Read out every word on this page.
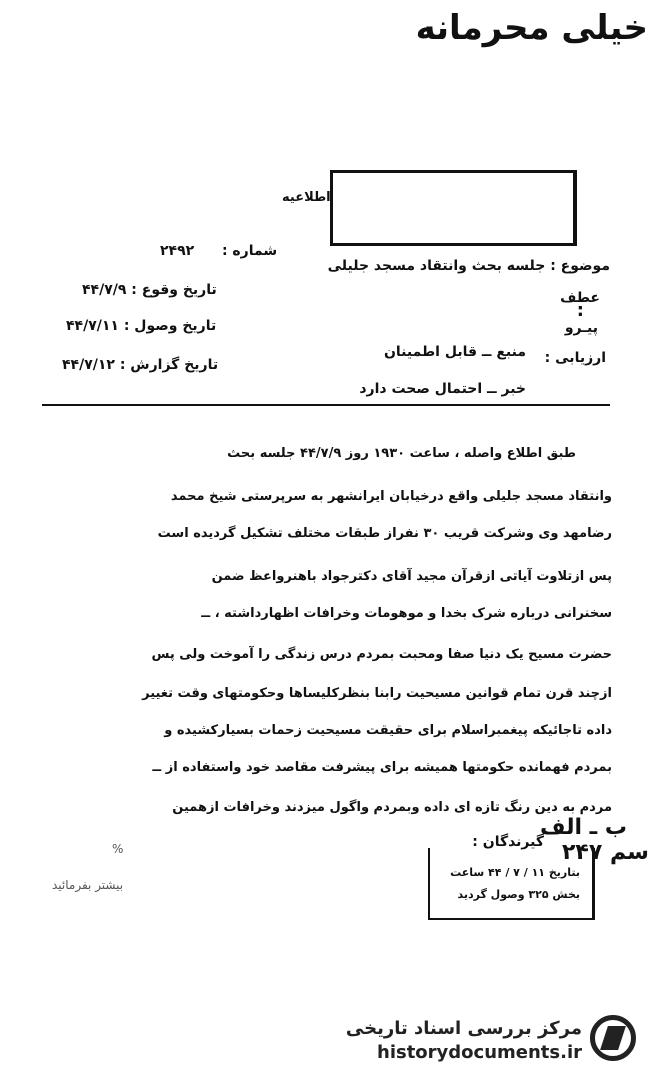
خیلی محرمانه
اطلاعیه
شماره :  ۲۴۹۲
تاریخ وقوع : ۴۴/۷/۹
تاریخ وصول : ۴۴/۷/۱۱
تاریخ گزارش : ۴۴/۷/۱۲
موضوع : جلسه بحث وانتقاد مسجد جلیلی
عطف
:
پیـرو
ارزیابی :
منبع ــ قابل اطمینان
خبر ــ احتمال صحت دارد
طبق اطلاع واصله ، ساعت ۱۹۳۰ روز ۴۴/۷/۹ جلسه بحث
وانتقاد مسجد جلیلی واقع درخیابان ایرانشهر به سرپرستی شیخ محمد
رضامهد وی وشرکت قریب ۳۰ نفراز طبقات مختلف تشکیل گردیده است
پس ازتلاوت آیاتی ازقرآن مجید آقای دکترجواد باهنرواعظ ضمن
سخنرانی درباره شرک بخدا و موهومات وخرافات اظهارداشته ، ــ
حضرت مسیح یک دنیا صفا ومحبت بمردم درس زندگی را آموخت ولی پس
ازچند قرن تمام قوانین مسیحیت رابنا بنظرکلیساها وحکومتهای وقت تغییر
داده تاجائیکه پیغمبراسلام برای حقیقت مسیحیت زحمات بسیارکشیده و
بمردم فهمانده حکومتها همیشه برای پیشرفت مقاصد خود واستفاده از ــ
مردم به دین رنگ تازه ای داده وبمردم واگول میزدند وخرافات ازهمین
ب ـ الف
سم ۲۴۷
گیرندگان :
بتاریخ ۱۱ / ۷ / ۴۴ ساعت
بخش ۳۲۵ وصول گردید
%
بیشتر بفرمائید
مرکز بررسی اسناد تاریخی
historydocuments.ir
